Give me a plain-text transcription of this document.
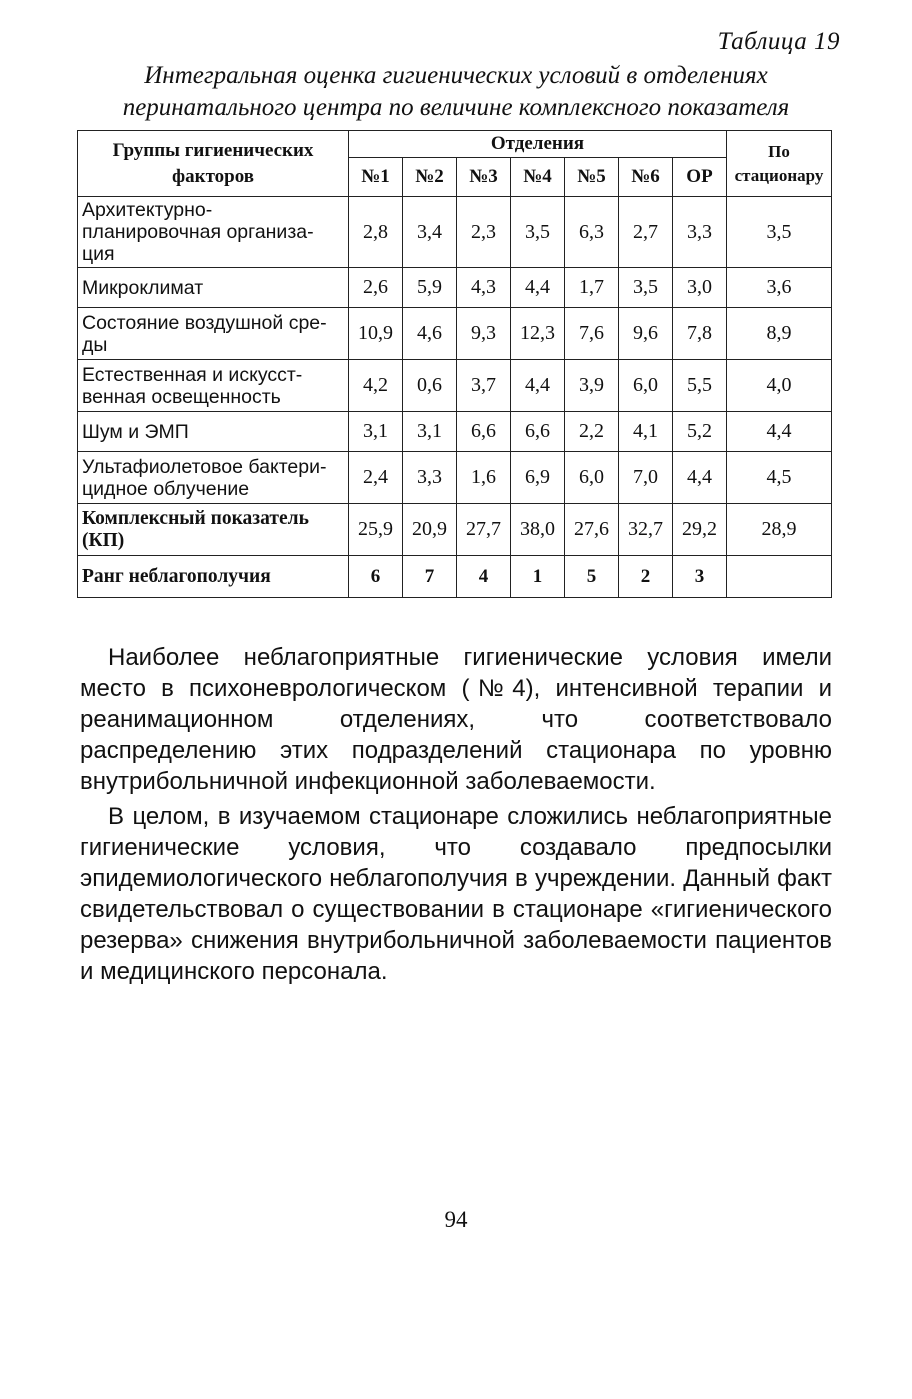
Таблица 19
Интегральная оценка гигиенических условий в отделениях перинатального центра по величине комплексного показателя
Группы гигиенических факторов	Отделения							По стационару
	№1	№2	№3	№4	№5	№6	ОР	
Архитектурно-планировочная организа-ция	2,8	3,4	2,3	3,5	6,3	2,7	3,3	3,5
Микроклимат	2,6	5,9	4,3	4,4	1,7	3,5	3,0	3,6
Состояние воздушной сре-ды	10,9	4,6	9,3	12,3	7,6	9,6	7,8	8,9
Естественная и искусст-венная освещенность	4,2	0,6	3,7	4,4	3,9	6,0	5,5	4,0
Шум и ЭМП	3,1	3,1	6,6	6,6	2,2	4,1	5,2	4,4
Ультафиолетовое бактери-цидное облучение	2,4	3,3	1,6	6,9	6,0	7,0	4,4	4,5
Комплексный показатель (КП)	25,9	20,9	27,7	38,0	27,6	32,7	29,2	28,9
Ранг неблагополучия	6	7	4	1	5	2	3	
Наиболее неблагоприятные гигиенические условия имели место в психоневрологическом (№4), интенсивной терапии и реанимационном отделениях, что соответствовало распределению этих подразделений стационара по уровню внутрибольничной инфекционной заболеваемости.
В целом, в изучаемом стационаре сложились неблагоприятные гигиенические условия, что создавало предпосылки эпидемиологического неблагополучия в учреждении. Данный факт свидетельствовал о существовании в стационаре «гигиенического резерва» снижения внутрибольничной заболеваемости пациентов и медицинского персонала.
94
